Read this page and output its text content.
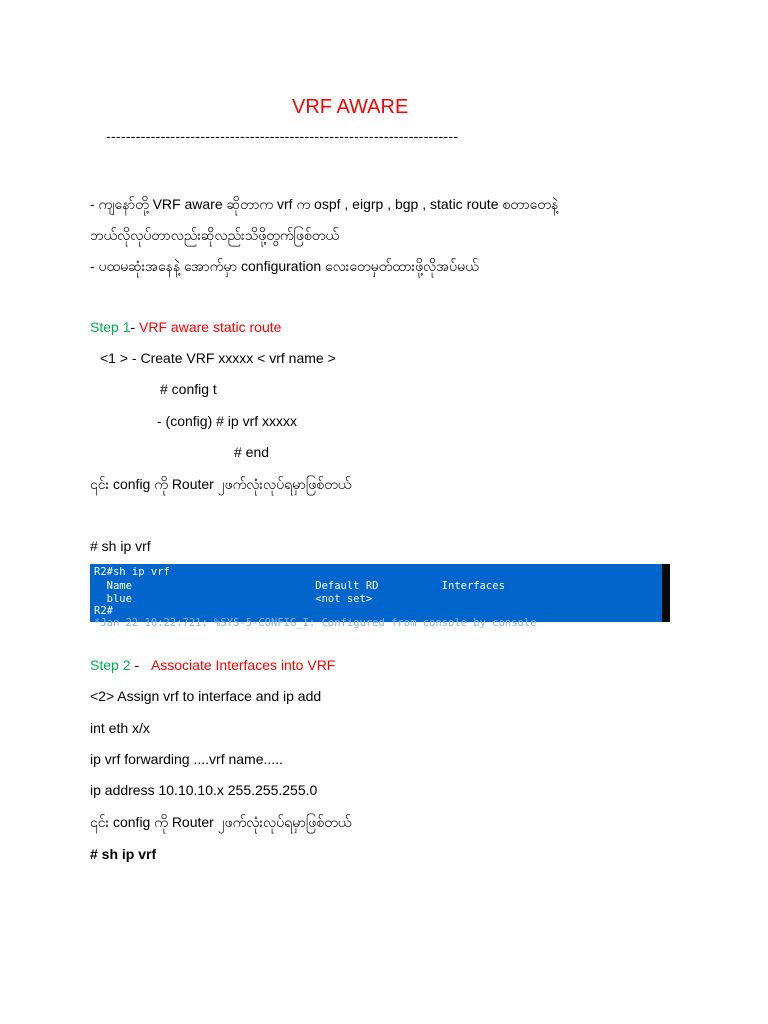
VRF AWARE
-----------------------------------------------------------------------
- ကျနော်တို့ VRF aware ဆိုတာက vrf က ospf , eigrp , bgp , static route စတာတေနဲ့
ဘယ်လိုလုပ်တာလည်းဆိုလည်းသိဖို့တွက်ဖြစ်တယ်
- ပထမဆုံးအနေနဲ့ အောက်မှာ configuration လေးတေမှတ်ထားဖို့လိုအပ်မယ်
Step 1- VRF aware static route
<1 > - Create VRF xxxxx < vrf name >
# config t
- (config) # ip vrf xxxxx
# end
၎င်း config ကို Router ၂ဖက်လုံးလုပ်ရမှာဖြစ်တယ်
# sh ip vrf
R2#sh ip vrf
Name                             Default RD          Interfaces
blue                             <not set>
R2#
*Jan 22 10:22:721: %SYS-5-CONFIG_I: Configured from console by console
Step 2 - Associate Interfaces into VRF
<2> Assign vrf to interface and ip add
int eth x/x
ip vrf forwarding ....vrf name.....
ip address 10.10.10.x 255.255.255.0
၎င်း config ကို Router ၂ဖက်လုံးလုပ်ရမှာဖြစ်တယ်
# sh ip vrf
